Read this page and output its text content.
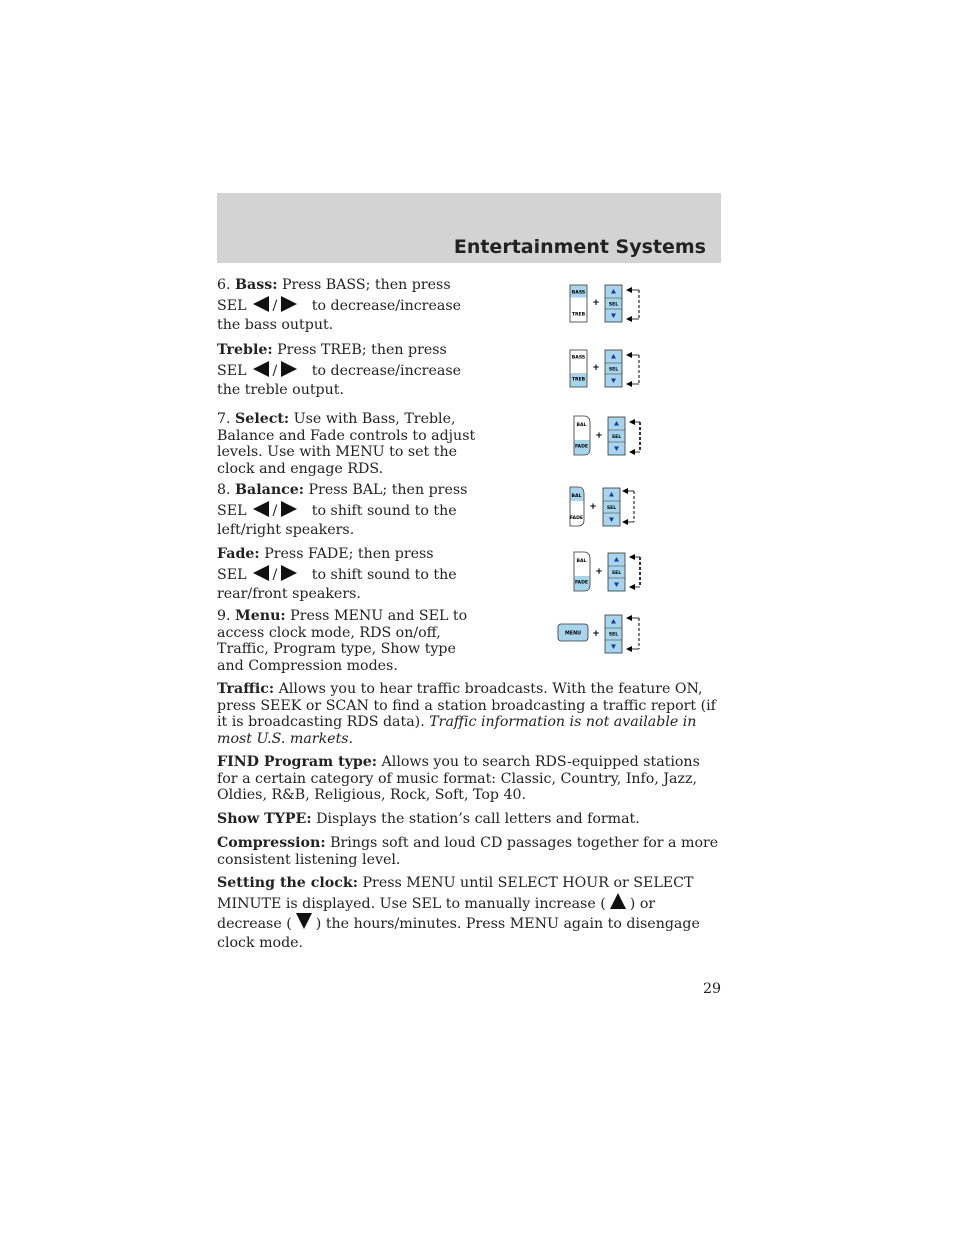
Entertainment Systems
6. Bass: Press BASS; then press
SEL / to decrease/increase
the bass output.
Treble: Press TREB; then press
SEL / to decrease/increase
the treble output.
7. Select: Use with Bass, Treble,
Balance and Fade controls to adjust
levels. Use with MENU to set the
clock and engage RDS.
8. Balance: Press BAL; then press
SEL / to shift sound to the
left/right speakers.
Fade: Press FADE; then press
SEL / to shift sound to the
rear/front speakers.
9. Menu: Press MENU and SEL to
access clock mode, RDS on/off,
Traffic, Program type, Show type
and Compression modes.
Traffic: Allows you to hear traffic broadcasts. With the feature ON, press SEEK or SCAN to find a station broadcasting a traffic report (if it is broadcasting RDS data). Traffic information is not available in most U.S. markets.
FIND Program type: Allows you to search RDS-equipped stations for a certain category of music format: Classic, Country, Info, Jazz, Oldies, R&B, Religious, Rock, Soft, Top 40.
Show TYPE: Displays the station’s call letters and format.
Compression: Brings soft and loud CD passages together for a more consistent listening level.
Setting the clock: Press MENU until SELECT HOUR or SELECT MINUTE is displayed. Use SEL to manually increase ( ) or decrease ( ) the hours/minutes. Press MENU again to disengage clock mode.
BASS
TREB
+ SEL
BASS
TREB
+ SEL
BAL
FADE
+ SEL
BAL
FADE
+ SEL
BAL
FADE
+ SEL
MENU + SEL
29
